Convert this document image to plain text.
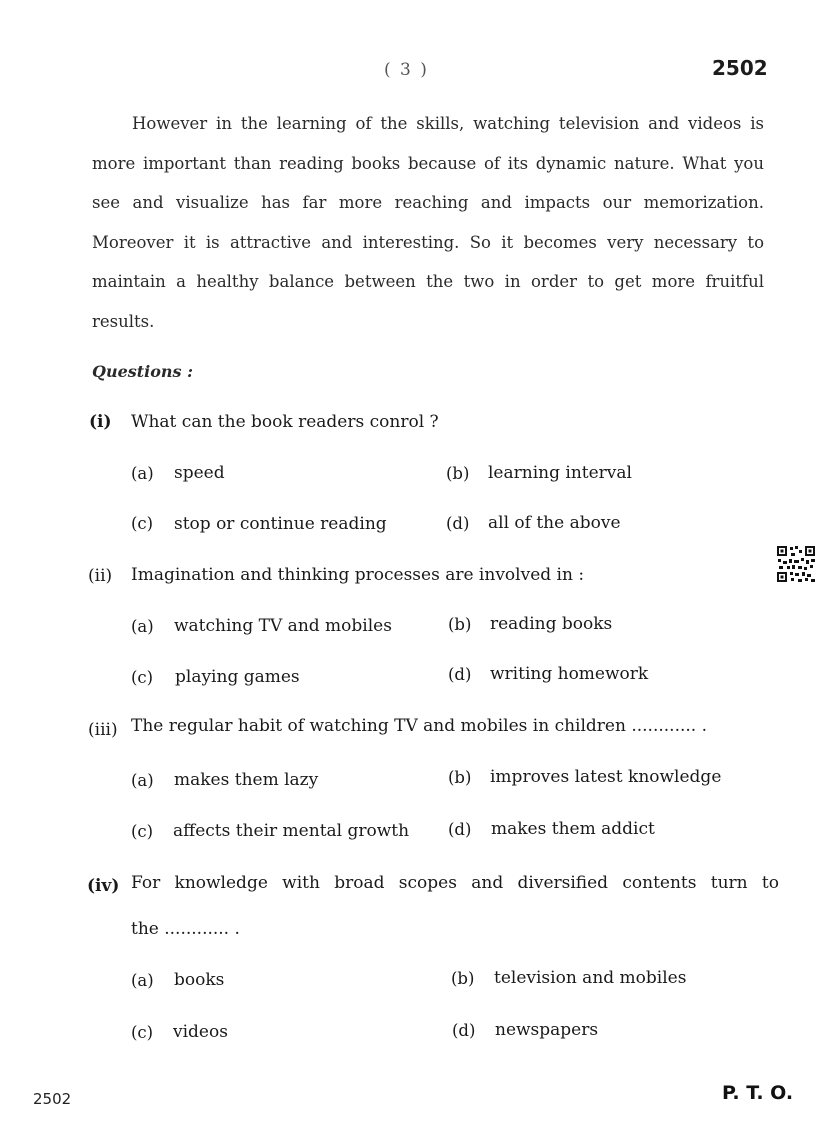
( 3 )	2502

However in the learning of the skills, watching television and videos is more important than reading books because of its dynamic nature. What you see and visualize has far more reaching and impacts our memorization. Moreover it is attractive and interesting. So it becomes very necessary to maintain a healthy balance between the two in order to get more fruitful results.

Questions :
(i) What can the book readers conrol ?
(a) speed	(b) learning interval
(c) stop or continue reading	(d) all of the above
(ii) Imagination and thinking processes are involved in :
(a) watching TV and mobiles	(b) reading books
(c) playing games	(d) writing homework
(iii) The regular habit of watching TV and mobiles in children ............ .
(a) makes them lazy	(b) improves latest knowledge
(c) affects their mental growth (d) makes them addict
(iv) For knowledge with broad scopes and diversified contents turn to
the ............ .
(a) books	(b) television and mobiles
(c) videos	(d) newspapers
2502	P. T. O.
